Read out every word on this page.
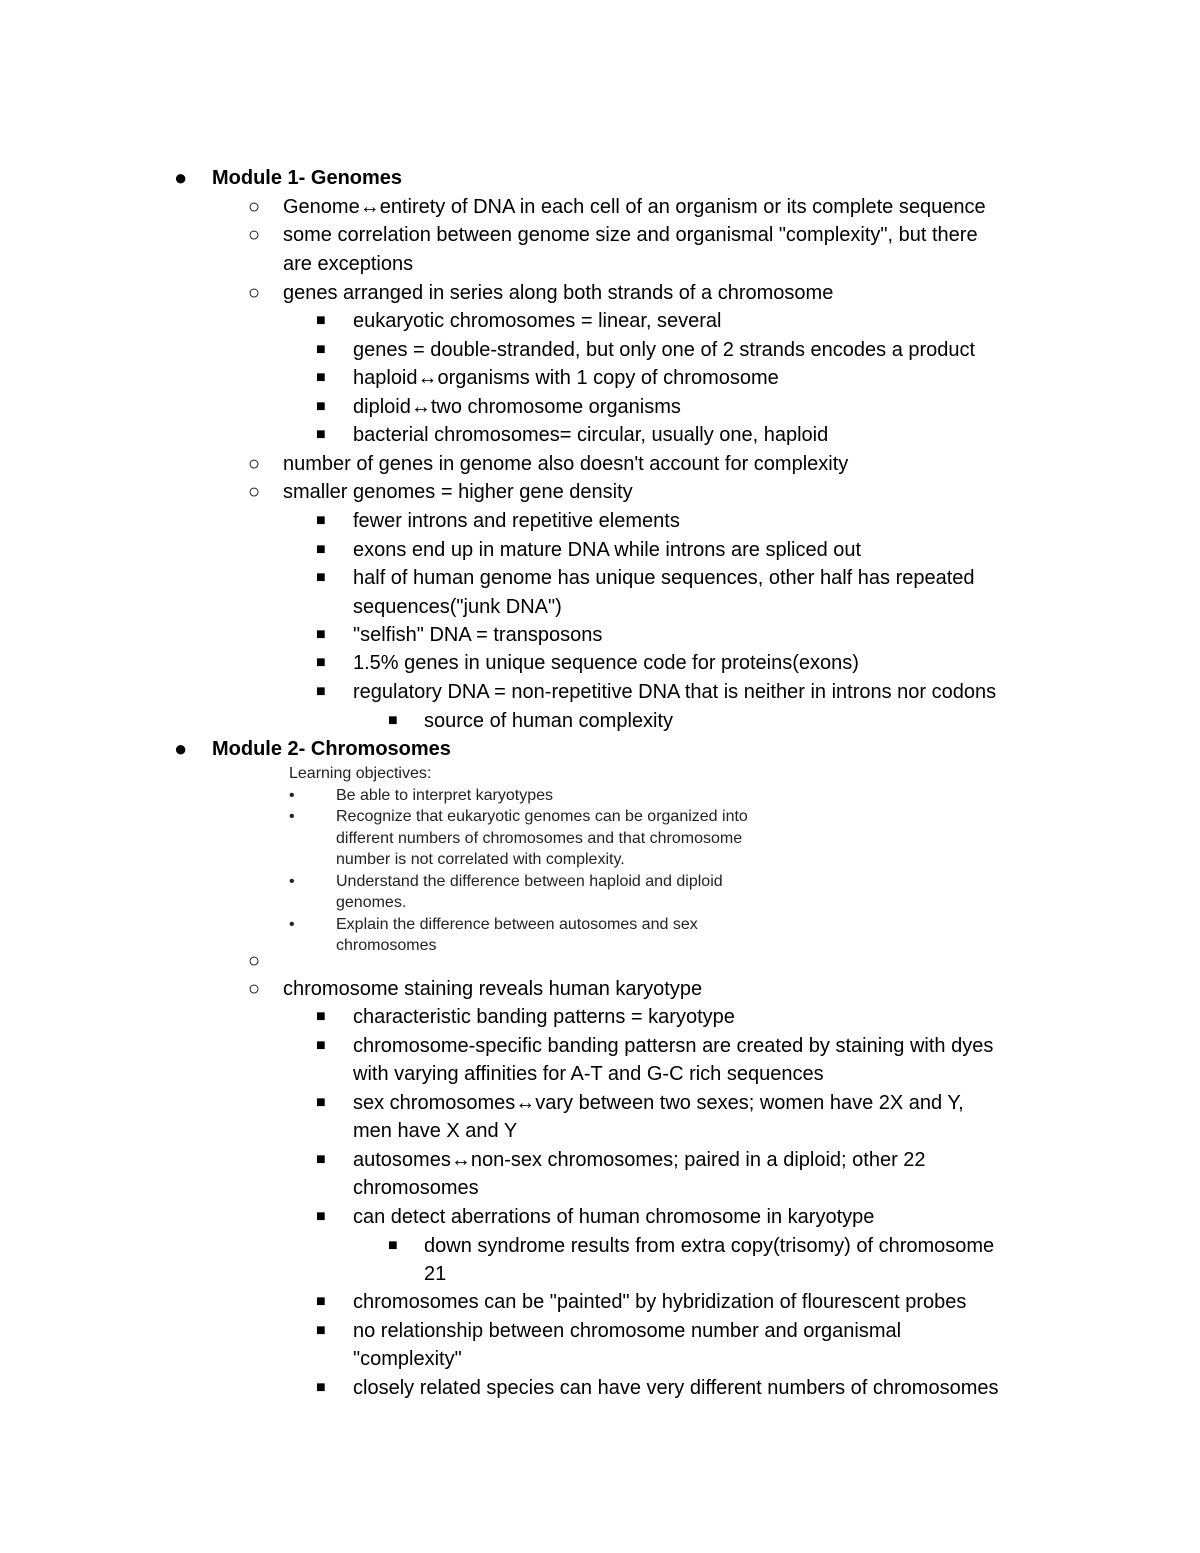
● Module 1- Genomes
○ Genome↔entirety of DNA in each cell of an organism or its complete sequence
○ some correlation between genome size and organismal "complexity", but there
are exceptions
○ genes arranged in series along both strands of a chromosome
■ eukaryotic chromosomes = linear, several
■ genes = double-stranded, but only one of 2 strands encodes a product
■ haploid↔organisms with 1 copy of chromosome
■ diploid↔two chromosome organisms
■ bacterial chromosomes= circular, usually one, haploid
○ number of genes in genome also doesn't account for complexity
○ smaller genomes = higher gene density
■ fewer introns and repetitive elements
■ exons end up in mature DNA while introns are spliced out
■ half of human genome has unique sequences, other half has repeated
sequences("junk DNA")
■ "selfish" DNA = transposons
■ 1.5% genes in unique sequence code for proteins(exons)
■ regulatory DNA = non-repetitive DNA that is neither in introns nor codons
■ source of human complexity
● Module 2- Chromosomes
Learning objectives:
•	Be able to interpret karyotypes
•	Recognize that eukaryotic genomes can be organized into
different numbers of chromosomes and that chromosome
number is not correlated with complexity.
•	Understand the difference between haploid and diploid
genomes.
•	Explain the difference between autosomes and sex
chromosomes
○
○ chromosome staining reveals human karyotype
■ characteristic banding patterns = karyotype
■ chromosome-specific banding pattersn are created by staining with dyes
with varying affinities for A-T and G-C rich sequences
■ sex chromosomes↔vary between two sexes; women have 2X and Y,
men have X and Y
■ autosomes↔non-sex chromosomes; paired in a diploid; other 22
chromosomes
■ can detect aberrations of human chromosome in karyotype
■ down syndrome results from extra copy(trisomy) of chromosome
21
■ chromosomes can be "painted" by hybridization of flourescent probes
■ no relationship between chromosome number and organismal
"complexity"
■ closely related species can have very different numbers of chromosomes
